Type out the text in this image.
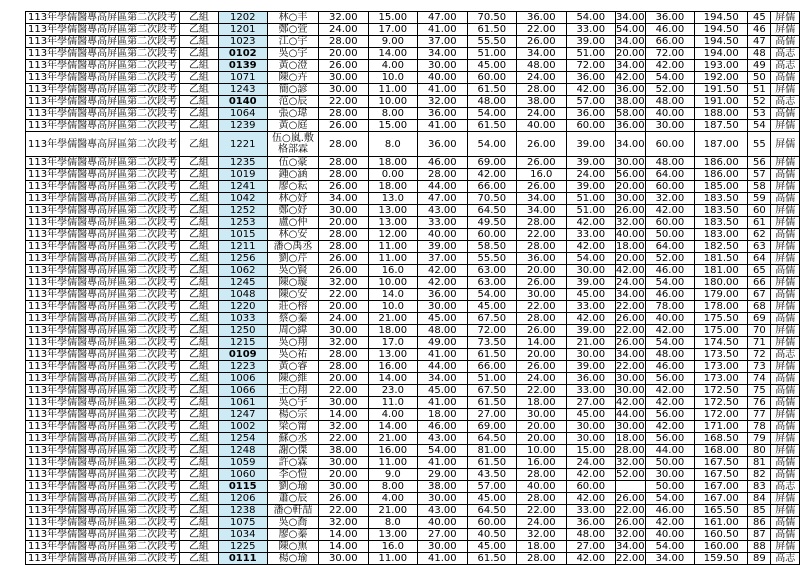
113年學儒醫專高屏區第二次段考	乙組	1202	林○丰	32.00	15.00	47.00	70.50	36.00	54.00	34.00	36.00	194.50	45	屏儒
113年學儒醫專高屏區第二次段考	乙組	1201	鄭○萱	24.00	17.00	41.00	61.50	22.00	33.00	54.00	46.00	194.50	46	屏儒
113年學儒醫專高屏區第二次段考	乙組	1023	江○宇	28.00	9.00	37.00	55.50	26.00	39.00	34.00	66.00	194.50	47	高儒
113年學儒醫專高屏區第二次段考	乙組	0102	吳○宇	20.00	14.00	34.00	51.00	34.00	51.00	20.00	72.00	194.00	48	高志
113年學儒醫專高屏區第二次段考	乙組	0139	黃○澄	26.00	4.00	30.00	45.00	48.00	72.00	34.00	42.00	193.00	49	高志
113年學儒醫專高屏區第二次段考	乙組	1071	陳○卉	30.00	10.0	40.00	60.00	24.00	36.00	42.00	54.00	192.00	50	高儒
113年學儒醫專高屏區第二次段考	乙組	1243	簡○諺	30.00	11.00	41.00	61.50	28.00	42.00	36.00	52.00	191.50	51	屏儒
113年學儒醫專高屏區第二次段考	乙組	0140	范○辰	22.00	10.00	32.00	48.00	38.00	57.00	38.00	48.00	191.00	52	高志
113年學儒醫專高屏區第二次段考	乙組	1064	張○瑋	28.00	8.00	36.00	54.00	24.00	36.00	58.00	40.00	188.00	53	高儒
113年學儒醫專高屏區第二次段考	乙組	1239	黃○庭	26.00	15.00	41.00	61.50	40.00	60.00	36.00	30.00	187.50	54	屏儒
113年學儒醫專高屏區第二次段考	乙組	1221	伍○嵐.敷格部霖	28.00	8.0	36.00	54.00	26.00	39.00	34.00	60.00	187.00	55	屏儒
113年學儒醫專高屏區第二次段考	乙組	1235	伍○豪	28.00	18.00	46.00	69.00	26.00	39.00	30.00	48.00	186.00	56	屏儒
113年學儒醫專高屏區第二次段考	乙組	1019	鍾○涵	28.00	0.00	28.00	42.00	16.0	24.00	56.00	64.00	186.00	57	高儒
113年學儒醫專高屏區第二次段考	乙組	1241	廖○耘	26.00	18.00	44.00	66.00	26.00	39.00	20.00	60.00	185.00	58	屏儒
113年學儒醫專高屏區第二次段考	乙組	1042	林○妤	34.00	13.0	47.00	70.50	34.00	51.00	30.00	32.00	183.50	59	高儒
113年學儒醫專高屏區第二次段考	乙組	1252	鄭○妤	30.00	13.00	43.00	64.50	34.00	51.00	26.00	42.00	183.50	60	屏儒
113年學儒醫專高屏區第二次段考	乙組	1253	盧○仲	20.00	13.00	33.00	49.50	28.00	42.00	32.00	60.00	183.50	61	屏儒
113年學儒醫專高屏區第二次段考	乙組	1015	林○安	28.00	12.00	40.00	60.00	22.00	33.00	40.00	50.00	183.00	62	高儒
113年學儒醫專高屏區第二次段考	乙組	1211	潘○禹丞	28.00	11.00	39.00	58.50	28.00	42.00	18.00	64.00	182.50	63	屏儒
113年學儒醫專高屏區第二次段考	乙組	1256	劉○芹	26.00	11.00	37.00	55.50	36.00	54.00	20.00	52.00	181.50	64	屏儒
113年學儒醫專高屏區第二次段考	乙組	1062	吳○賢	26.00	16.0	42.00	63.00	20.00	30.00	42.00	46.00	181.00	65	高儒
113年學儒醫專高屏區第二次段考	乙組	1245	陳○璇	32.00	10.00	42.00	63.00	26.00	39.00	24.00	54.00	180.00	66	屏儒
113年學儒醫專高屏區第二次段考	乙組	1048	陳○安	22.00	14.0	36.00	54.00	30.00	45.00	34.00	46.00	179.00	67	高儒
113年學儒醫專高屏區第二次段考	乙組	1220	莊○榕	20.00	10.0	30.00	45.00	22.00	33.00	22.00	78.00	178.00	68	屏儒
113年學儒醫專高屏區第二次段考	乙組	1033	蔡○蓁	24.00	21.00	45.00	67.50	28.00	42.00	26.00	40.00	175.50	69	高儒
113年學儒醫專高屏區第二次段考	乙組	1250	周○緯	30.00	18.00	48.00	72.00	26.00	39.00	22.00	42.00	175.00	70	屏儒
113年學儒醫專高屏區第二次段考	乙組	1215	吳○翔	32.00	17.0	49.00	73.50	14.00	21.00	26.00	54.00	174.50	71	屏儒
113年學儒醫專高屏區第二次段考	乙組	0109	吳○祐	28.00	13.00	41.00	61.50	20.00	30.00	34.00	48.00	173.50	72	高志
113年學儒醫專高屏區第二次段考	乙組	1223	黃○睿	28.00	16.00	44.00	66.00	26.00	39.00	22.00	46.00	173.00	73	屏儒
113年學儒醫專高屏區第二次段考	乙組	1006	陳○維	20.00	14.00	34.00	51.00	24.00	36.00	30.00	56.00	173.00	74	高儒
113年學儒醫專高屏區第二次段考	乙組	1066	王○翔	22.00	23.0	45.00	67.50	22.00	33.00	30.00	42.00	172.50	75	高儒
113年學儒醫專高屏區第二次段考	乙組	1061	吳○宇	30.00	11.0	41.00	61.50	18.00	27.00	42.00	42.00	172.50	76	高儒
113年學儒醫專高屏區第二次段考	乙組	1247	楊○宗	14.00	4.00	18.00	27.00	30.00	45.00	44.00	56.00	172.00	77	屏儒
113年學儒醫專高屏區第二次段考	乙組	1002	梁○甯	32.00	14.00	46.00	69.00	20.00	30.00	30.00	42.00	171.00	78	高儒
113年學儒醫專高屏區第二次段考	乙組	1254	蘇○丞	22.00	21.00	43.00	64.50	20.00	30.00	18.00	56.00	168.50	79	屏儒
113年學儒醫專高屏區第二次段考	乙組	1248	謝○傑	38.00	16.00	54.00	81.00	10.00	15.00	28.00	44.00	168.00	80	屏儒
113年學儒醫專高屏區第二次段考	乙組	1059	許○霖	30.00	11.00	41.00	61.50	16.00	24.00	32.00	50.00	167.50	81	高儒
113年學儒醫專高屏區第二次段考	乙組	1060	李○愷	20.00	9.0	29.00	43.50	28.00	42.00	52.00	30.00	167.50	82	高儒
113年學儒醫專高屏區第二次段考	乙組	0115	劉○瑜	30.00	8.00	38.00	57.00	40.00	60.00		50.00	167.00	83	高志
113年學儒醫專高屏區第二次段考	乙組	1206	蕭○辰	26.00	4.00	30.00	45.00	28.00	42.00	26.00	54.00	167.00	84	屏儒
113年學儒醫專高屏區第二次段考	乙組	1238	潘○軒喆	22.00	21.00	43.00	64.50	22.00	33.00	22.00	46.00	165.50	85	屏儒
113年學儒醫專高屏區第二次段考	乙組	1075	吳○喬	32.00	8.0	40.00	60.00	24.00	36.00	26.00	42.00	161.00	86	高儒
113年學儒醫專高屏區第二次段考	乙組	1034	廖○蓁	14.00	13.00	27.00	40.50	32.00	48.00	32.00	40.00	160.50	87	高儒
113年學儒醫專高屏區第二次段考	乙組	1225	陳○熏	14.00	16.0	30.00	45.00	18.00	27.00	34.00	54.00	160.00	88	屏儒
113年學儒醫專高屏區第二次段考	乙組	0111	楊○瑜	30.00	11.00	41.00	61.50	28.00	42.00	22.00	34.00	159.50	89	高志
